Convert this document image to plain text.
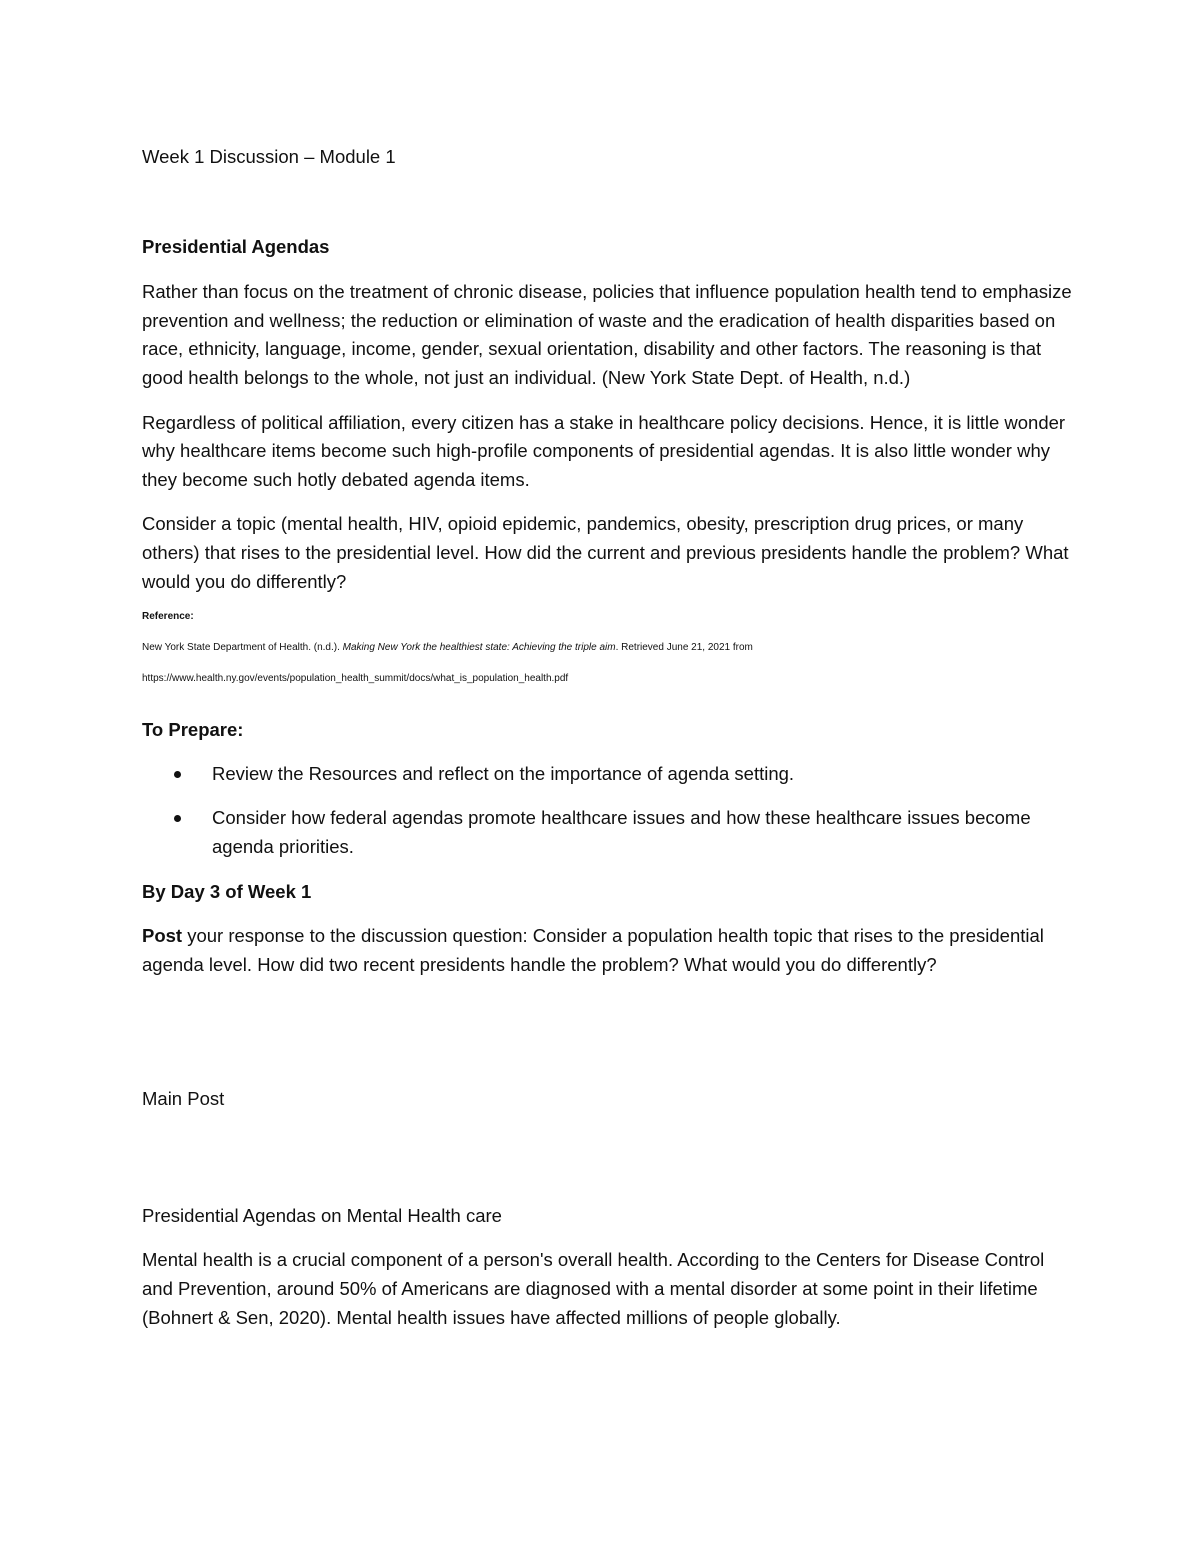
Week 1 Discussion – Module 1

Presidential Agendas

Rather than focus on the treatment of chronic disease, policies that influence population health tend to emphasize prevention and wellness; the reduction or elimination of waste and the eradication of health disparities based on race, ethnicity, language, income, gender, sexual orientation, disability and other factors. The reasoning is that good health belongs to the whole, not just an individual. (New York State Dept. of Health, n.d.)

Regardless of political affiliation, every citizen has a stake in healthcare policy decisions. Hence, it is little wonder why healthcare items become such high-profile components of presidential agendas. It is also little wonder why they become such hotly debated agenda items.

Consider a topic (mental health, HIV, opioid epidemic, pandemics, obesity, prescription drug prices, or many others) that rises to the presidential level. How did the current and previous presidents handle the problem? What would you do differently?

Reference:

New York State Department of Health. (n.d.). Making New York the healthiest state: Achieving the triple aim. Retrieved June 21, 2021 from

https://www.health.ny.gov/events/population_health_summit/docs/what_is_population_health.pdf

To Prepare:

Review the Resources and reflect on the importance of agenda setting.
Consider how federal agendas promote healthcare issues and how these healthcare issues become agenda priorities.

By Day 3 of Week 1

Post your response to the discussion question: Consider a population health topic that rises to the presidential agenda level. How did two recent presidents handle the problem? What would you do differently?

Main Post

Presidential Agendas on Mental Health care

Mental health is a crucial component of a person's overall health. According to the Centers for Disease Control and Prevention, around 50% of Americans are diagnosed with a mental disorder at some point in their lifetime (Bohnert & Sen, 2020). Mental health issues have affected millions of people globally.
